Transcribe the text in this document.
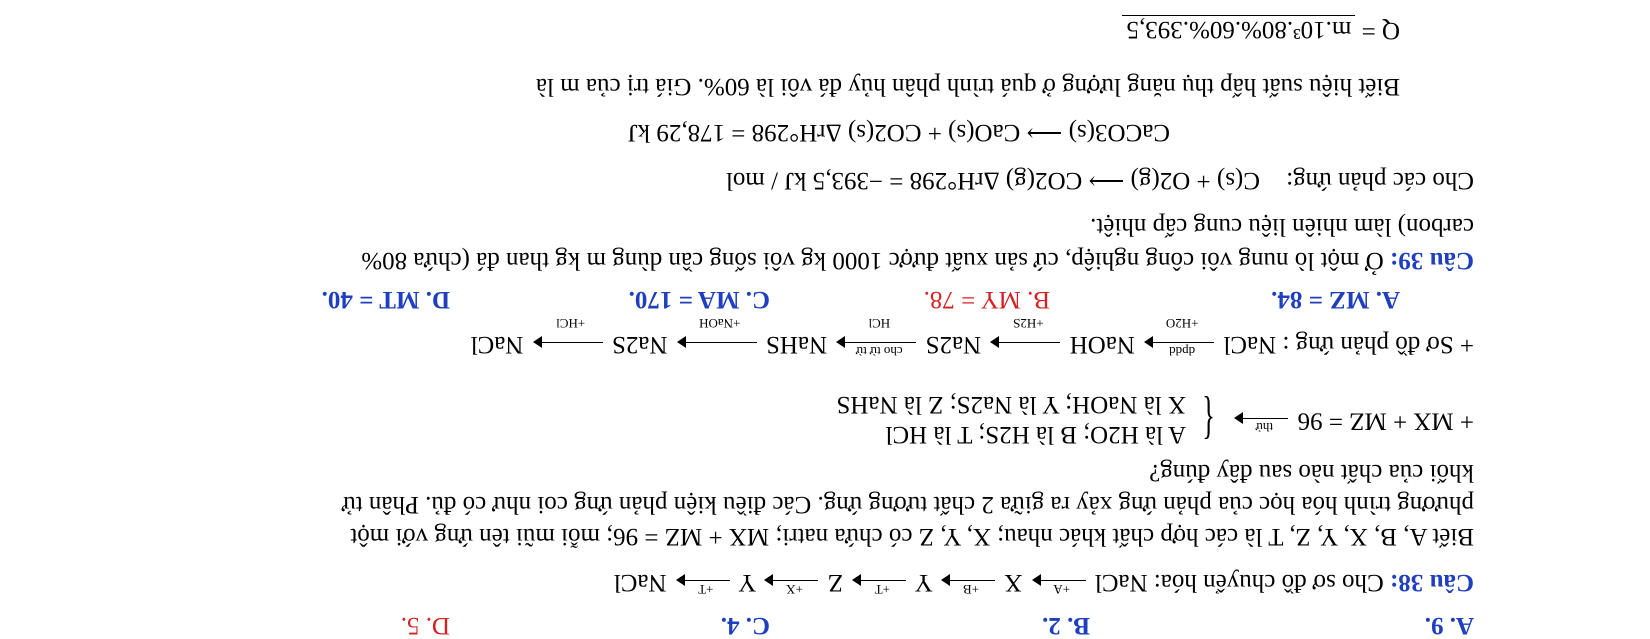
A. 9.
B. 2.
C. 4.
D. 5.
Câu 38: Cho sơ đồ chuyển hóa: NaCl
+A
X
+B
Y
+T
Z
+X
Y
+T
NaCl
Biết A, B, X, Y, Z, T là các hợp chất khác nhau; X, Y, Z có chứa natri; MX + MZ = 96; mỗi mũi tên ứng với một
phương trình hóa học của phản ứng xảy ra giữa 2 chất tương ứng. Các điều kiện phản ứng coi như có đủ. Phân tử
khối của chất nào sau đây đúng?
+ MX + MZ = 96
thử
{
A là H2O; B là H2S; T là HCl
X là NaOH; Y là Na2S; Z là NaHS
+ Sơ đồ phản ứng : NaCl
dpdd
+H2O
NaOH
+H2S
Na2S
cho từ từ
HCl
NaHS
+NaOH
Na2S
+HCl
NaCl
A. MZ = 84.
B. MY = 78.
C. MA = 170.
D. MT = 40.
Câu 39: Ở một lò nung vôi công nghiệp, cứ sản xuất được 1000 kg vôi sống cần dùng m kg than đá (chứa 80%
carbon) làm nhiên liệu cung cấp nhiệt.
Cho các phản ứng: C(s) + O2(g) ⟶ CO2(g) ΔrH°298 = −393,5 kJ / mol
CaCO3(s) ⟶ CaO(s) + CO2(s) ΔrH°298 = 178,29 kJ
Biết hiệu suất hấp thụ năng lượng ở quá trình phân hủy đá vôi là 60%. Giá trị của m là
Q = m.10³.80%.60%.393,5
